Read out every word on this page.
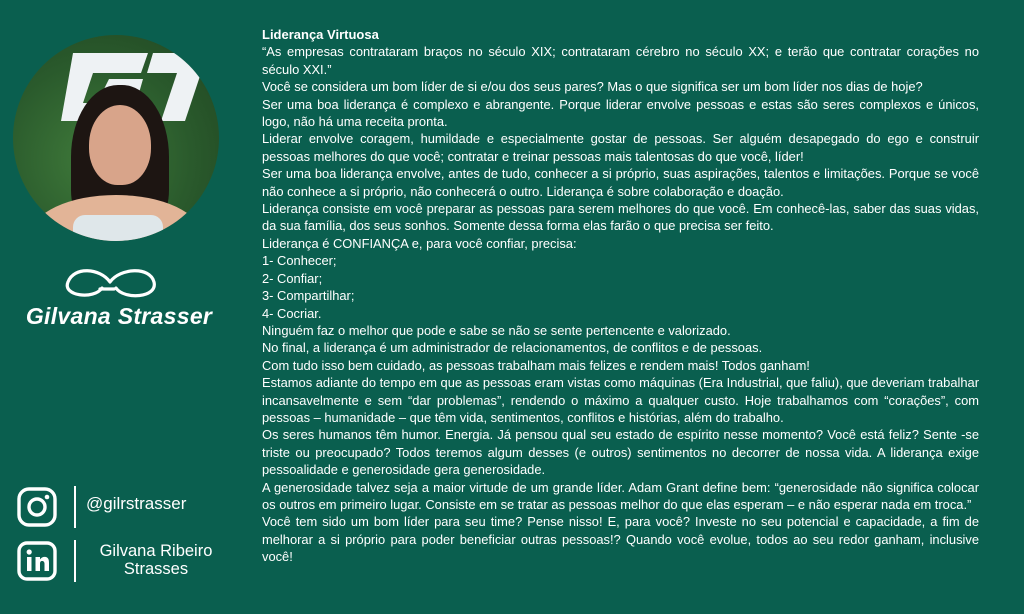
Gilvana Strasser
@gilrstrasser
Gilvana Ribeiro
Strasses
Liderança Virtuosa

“As empresas contrataram braços no século XIX; contrataram cérebro no século XX; e terão que contratar corações no século XXI.”

Você se considera um bom líder de si e/ou dos seus pares? Mas o que significa ser um bom líder nos dias de hoje?

Ser uma boa liderança é complexo e abrangente. Porque liderar envolve pessoas e estas são seres complexos e únicos, logo, não há uma receita pronta.

Liderar envolve coragem, humildade e especialmente gostar de pessoas. Ser alguém desapegado do ego e construir pessoas melhores do que você; contratar e treinar pessoas mais talentosas do que você, líder!

Ser uma boa liderança envolve, antes de tudo, conhecer a si próprio, suas aspirações, talentos e limitações. Porque se você não conhece a si próprio, não conhecerá o outro. Liderança é sobre colaboração e doação.

Liderança consiste em você preparar as pessoas para serem melhores do que você. Em conhecê-las, saber das suas vidas, da sua família, dos seus sonhos. Somente dessa forma elas farão o que precisa ser feito.

Liderança é CONFIANÇA e, para você confiar, precisa:

1- Conhecer;

2- Confiar;

3- Compartilhar;

4- Cocriar.

Ninguém faz o melhor que pode e sabe se não se sente pertencente e valorizado.

No final, a liderança é um administrador de relacionamentos, de conflitos e de pessoas.

Com tudo isso bem cuidado, as pessoas trabalham mais felizes e rendem mais! Todos ganham!

Estamos adiante do tempo em que as pessoas eram vistas como máquinas (Era Industrial, que faliu), que deveriam trabalhar incansavelmente e sem “dar problemas”, rendendo o máximo a qualquer custo. Hoje trabalhamos com “corações”, com pessoas – humanidade – que têm vida, sentimentos, conflitos e histórias, além do trabalho.

Os seres humanos têm humor. Energia. Já pensou qual seu estado de espírito nesse momento? Você está feliz? Sente -se triste ou preocupado? Todos teremos algum desses (e outros) sentimentos no decorrer de nossa vida. A liderança exige pessoalidade e generosidade gera generosidade.

A generosidade talvez seja a maior virtude de um grande líder. Adam Grant define bem: “generosidade não significa colocar os outros em primeiro lugar. Consiste em se tratar as pessoas melhor do que elas esperam – e não esperar nada em troca.”

Você tem sido um bom líder para seu time? Pense nisso! E, para você? Investe no seu potencial e capacidade, a fim de melhorar a si próprio para poder beneficiar outras pessoas!? Quando você evolue, todos ao seu redor ganham, inclusive você!
